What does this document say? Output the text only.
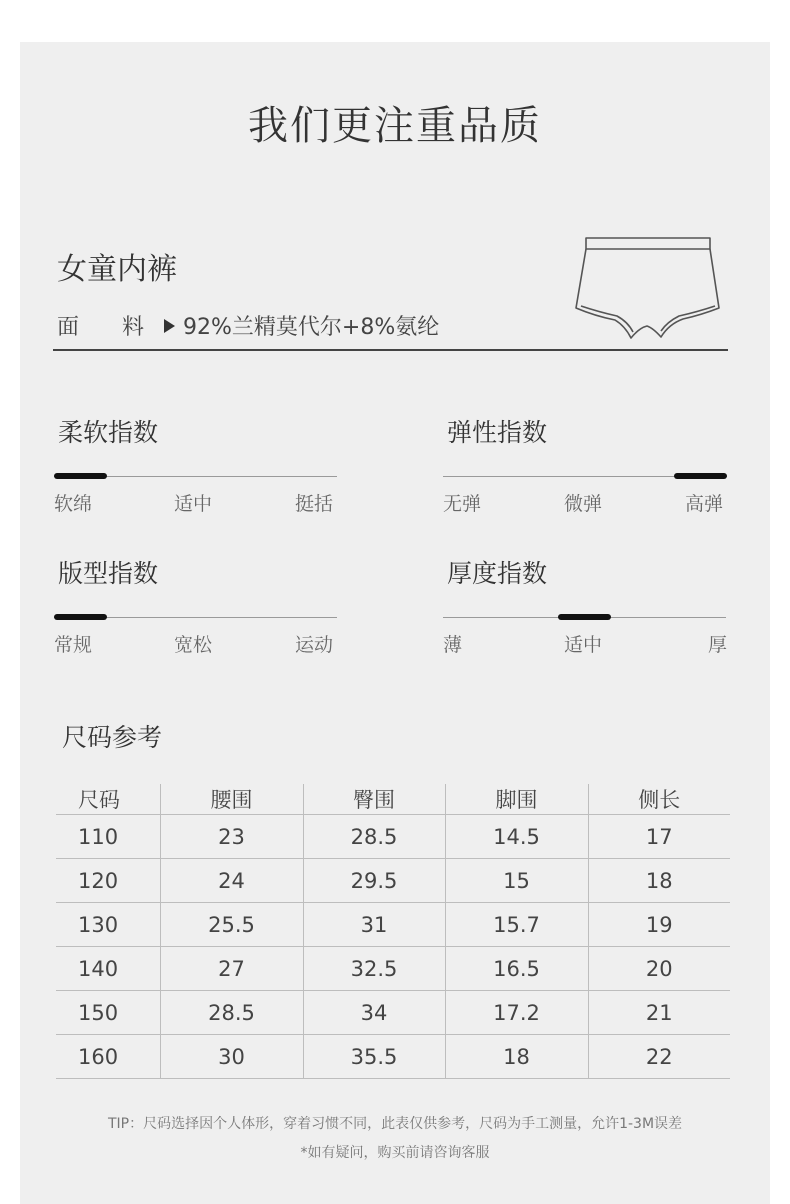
我们更注重品质
女童内裤
面 料 92%兰精莫代尔+8%氨纶
柔软指数
软绵	适中	挺括
弹性指数
无弹	微弹	高弹
版型指数
常规	宽松	运动
厚度指数
薄	适中	厚
尺码参考
尺码	腰围	臀围	脚围	侧长
110	23	28.5	14.5	17
120	24	29.5	15	18
130	25.5	31	15.7	19
140	27	32.5	16.5	20
150	28.5	34	17.2	21
160	30	35.5	18	22
TIP：尺码选择因个人体形，穿着习惯不同，此表仅供参考，尺码为手工测量，允许1-3M误差
*如有疑问，购买前请咨询客服
